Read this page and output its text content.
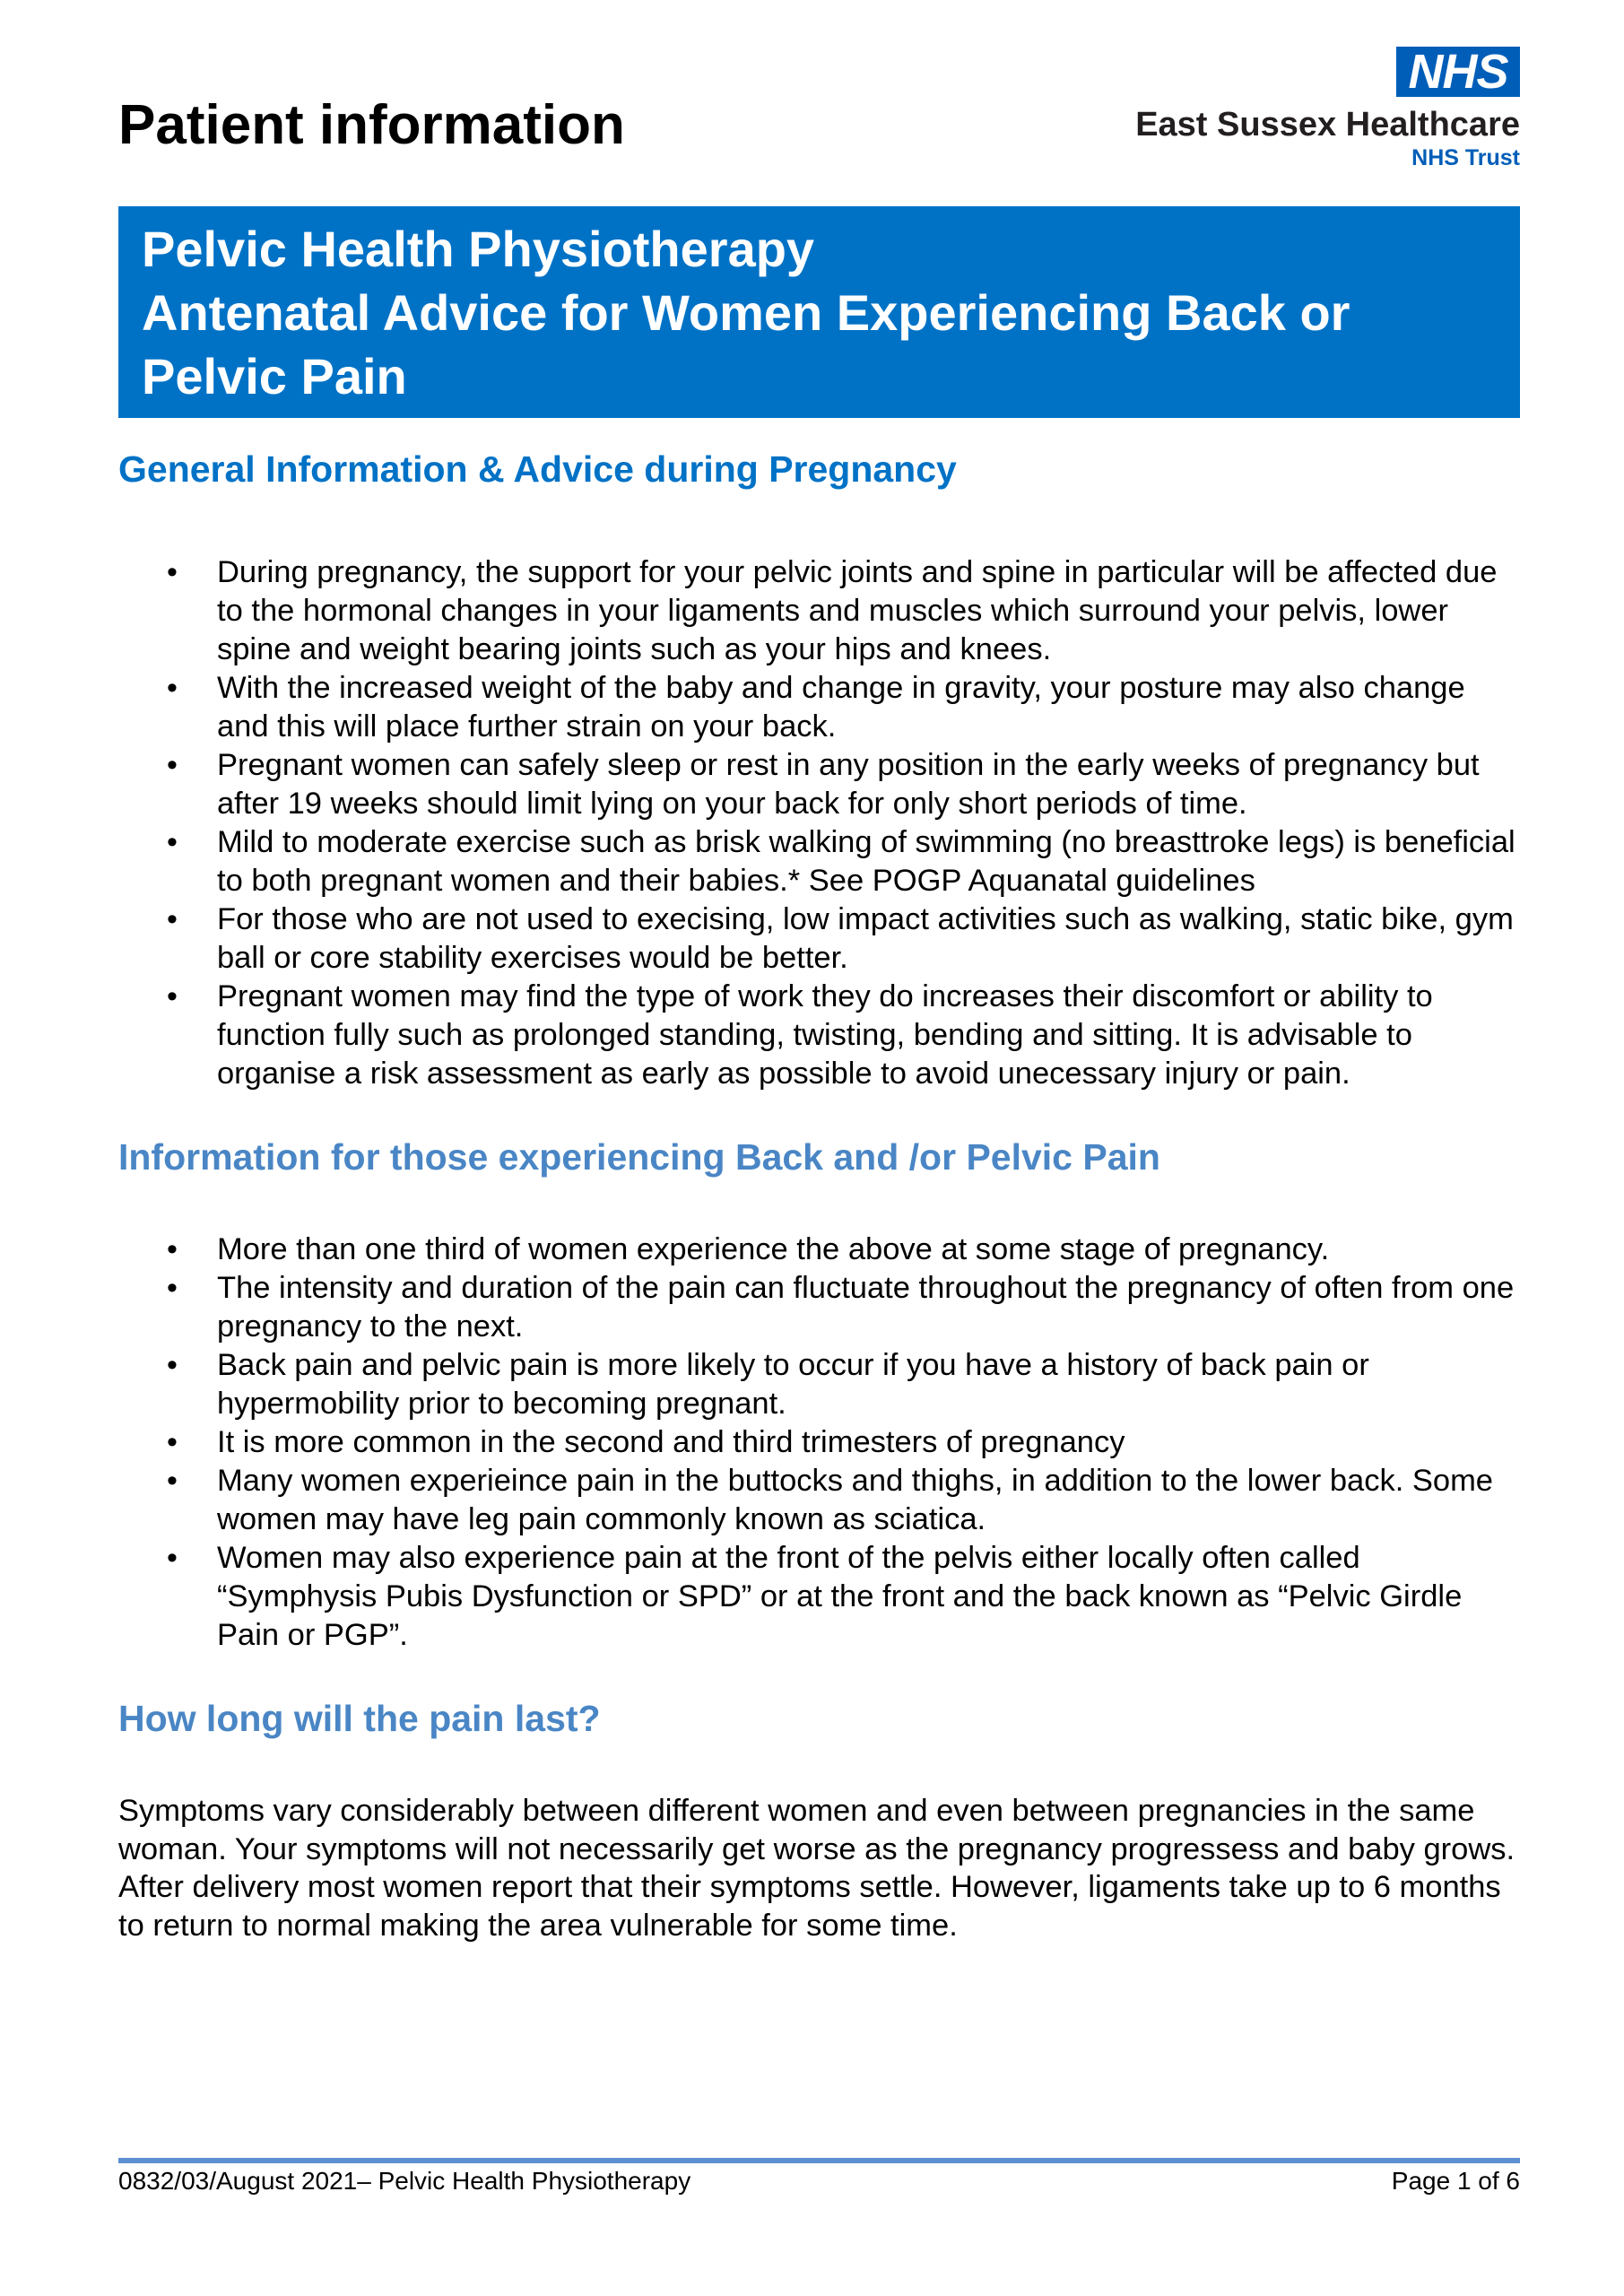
Patient information
NHS
East Sussex Healthcare
NHS Trust
Pelvic Health Physiotherapy
Antenatal Advice for Women Experiencing Back or Pelvic Pain
General Information & Advice during Pregnancy
• During pregnancy, the support for your pelvic joints and spine in particular will be affected due to the hormonal changes in your ligaments and muscles which surround your pelvis, lower spine and weight bearing joints such as your hips and knees.
• With the increased weight of the baby and change in gravity, your posture may also change and this will place further strain on your back.
• Pregnant women can safely sleep or rest in any position in the early weeks of pregnancy but after 19 weeks should limit lying on your back for only short periods of time.
• Mild to moderate exercise such as brisk walking of swimming (no breasttroke legs) is beneficial to both pregnant women and their babies.* See POGP Aquanatal guidelines
• For those who are not used to execising, low impact activities such as walking, static bike, gym ball or core stability exercises would be better.
• Pregnant women may find the type of work they do increases their discomfort or ability to function fully such as prolonged standing, twisting, bending and sitting. It is advisable to organise a risk assessment as early as possible to avoid unecessary injury or pain.
Information for those experiencing Back and /or Pelvic Pain
• More than one third of women experience the above at some stage of pregnancy.
• The intensity and duration of the pain can fluctuate throughout the pregnancy of often from one pregnancy to the next.
• Back pain and pelvic pain is more likely to occur if you have a history of back pain or hypermobility prior to becoming pregnant.
• It is more common in the second and third trimesters of pregnancy
• Many women experieince pain in the buttocks and thighs, in addition to the lower back. Some women may have leg pain commonly known as sciatica.
• Women may also experience pain at the front of the pelvis either locally often called “Symphysis Pubis Dysfunction or SPD” or at the front and the back known as “Pelvic Girdle Pain or PGP”.
How long will the pain last?

Symptoms vary considerably between different women and even between pregnancies in the same woman. Your symptoms will not necessarily get worse as the pregnancy progressess and baby grows. After delivery most women report that their symptoms settle. However, ligaments take up to 6 months to return to normal making the area vulnerable for some time.

0832/03/August 2021– Pelvic Health Physiotherapy	Page 1 of 6
